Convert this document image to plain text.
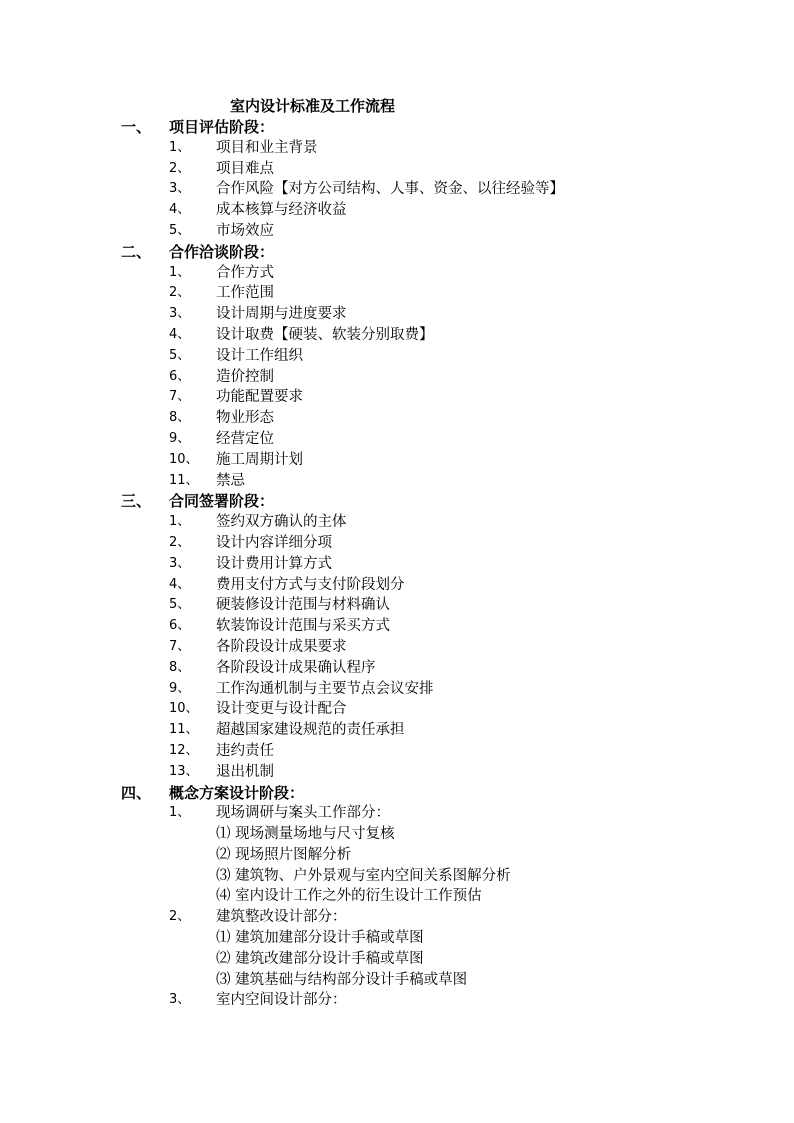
室内设计标准及工作流程
一、 项目评估阶段：
1、 项目和业主背景
2、 项目难点
3、 合作风险【对方公司结构、人事、资金、以往经验等】
4、 成本核算与经济收益
5、 市场效应
二、 合作洽谈阶段：
1、 合作方式
2、 工作范围
3、 设计周期与进度要求
4、 设计取费【硬装、软装分别取费】
5、 设计工作组织
6、 造价控制
7、 功能配置要求
8、 物业形态
9、 经营定位
10、 施工周期计划
11、 禁忌
三、 合同签署阶段：
1、 签约双方确认的主体
2、 设计内容详细分项
3、 设计费用计算方式
4、 费用支付方式与支付阶段划分
5、 硬装修设计范围与材料确认
6、 软装饰设计范围与采买方式
7、 各阶段设计成果要求
8、 各阶段设计成果确认程序
9、 工作沟通机制与主要节点会议安排
10、 设计变更与设计配合
11、 超越国家建设规范的责任承担
12、 违约责任
13、 退出机制
四、 概念方案设计阶段：
1、 现场调研与案头工作部分：
⑴ 现场测量场地与尺寸复核
⑵ 现场照片图解分析
⑶ 建筑物、户外景观与室内空间关系图解分析
⑷ 室内设计工作之外的衍生设计工作预估
2、 建筑整改设计部分：
⑴ 建筑加建部分设计手稿或草图
⑵ 建筑改建部分设计手稿或草图
⑶ 建筑基础与结构部分设计手稿或草图
3、 室内空间设计部分：
